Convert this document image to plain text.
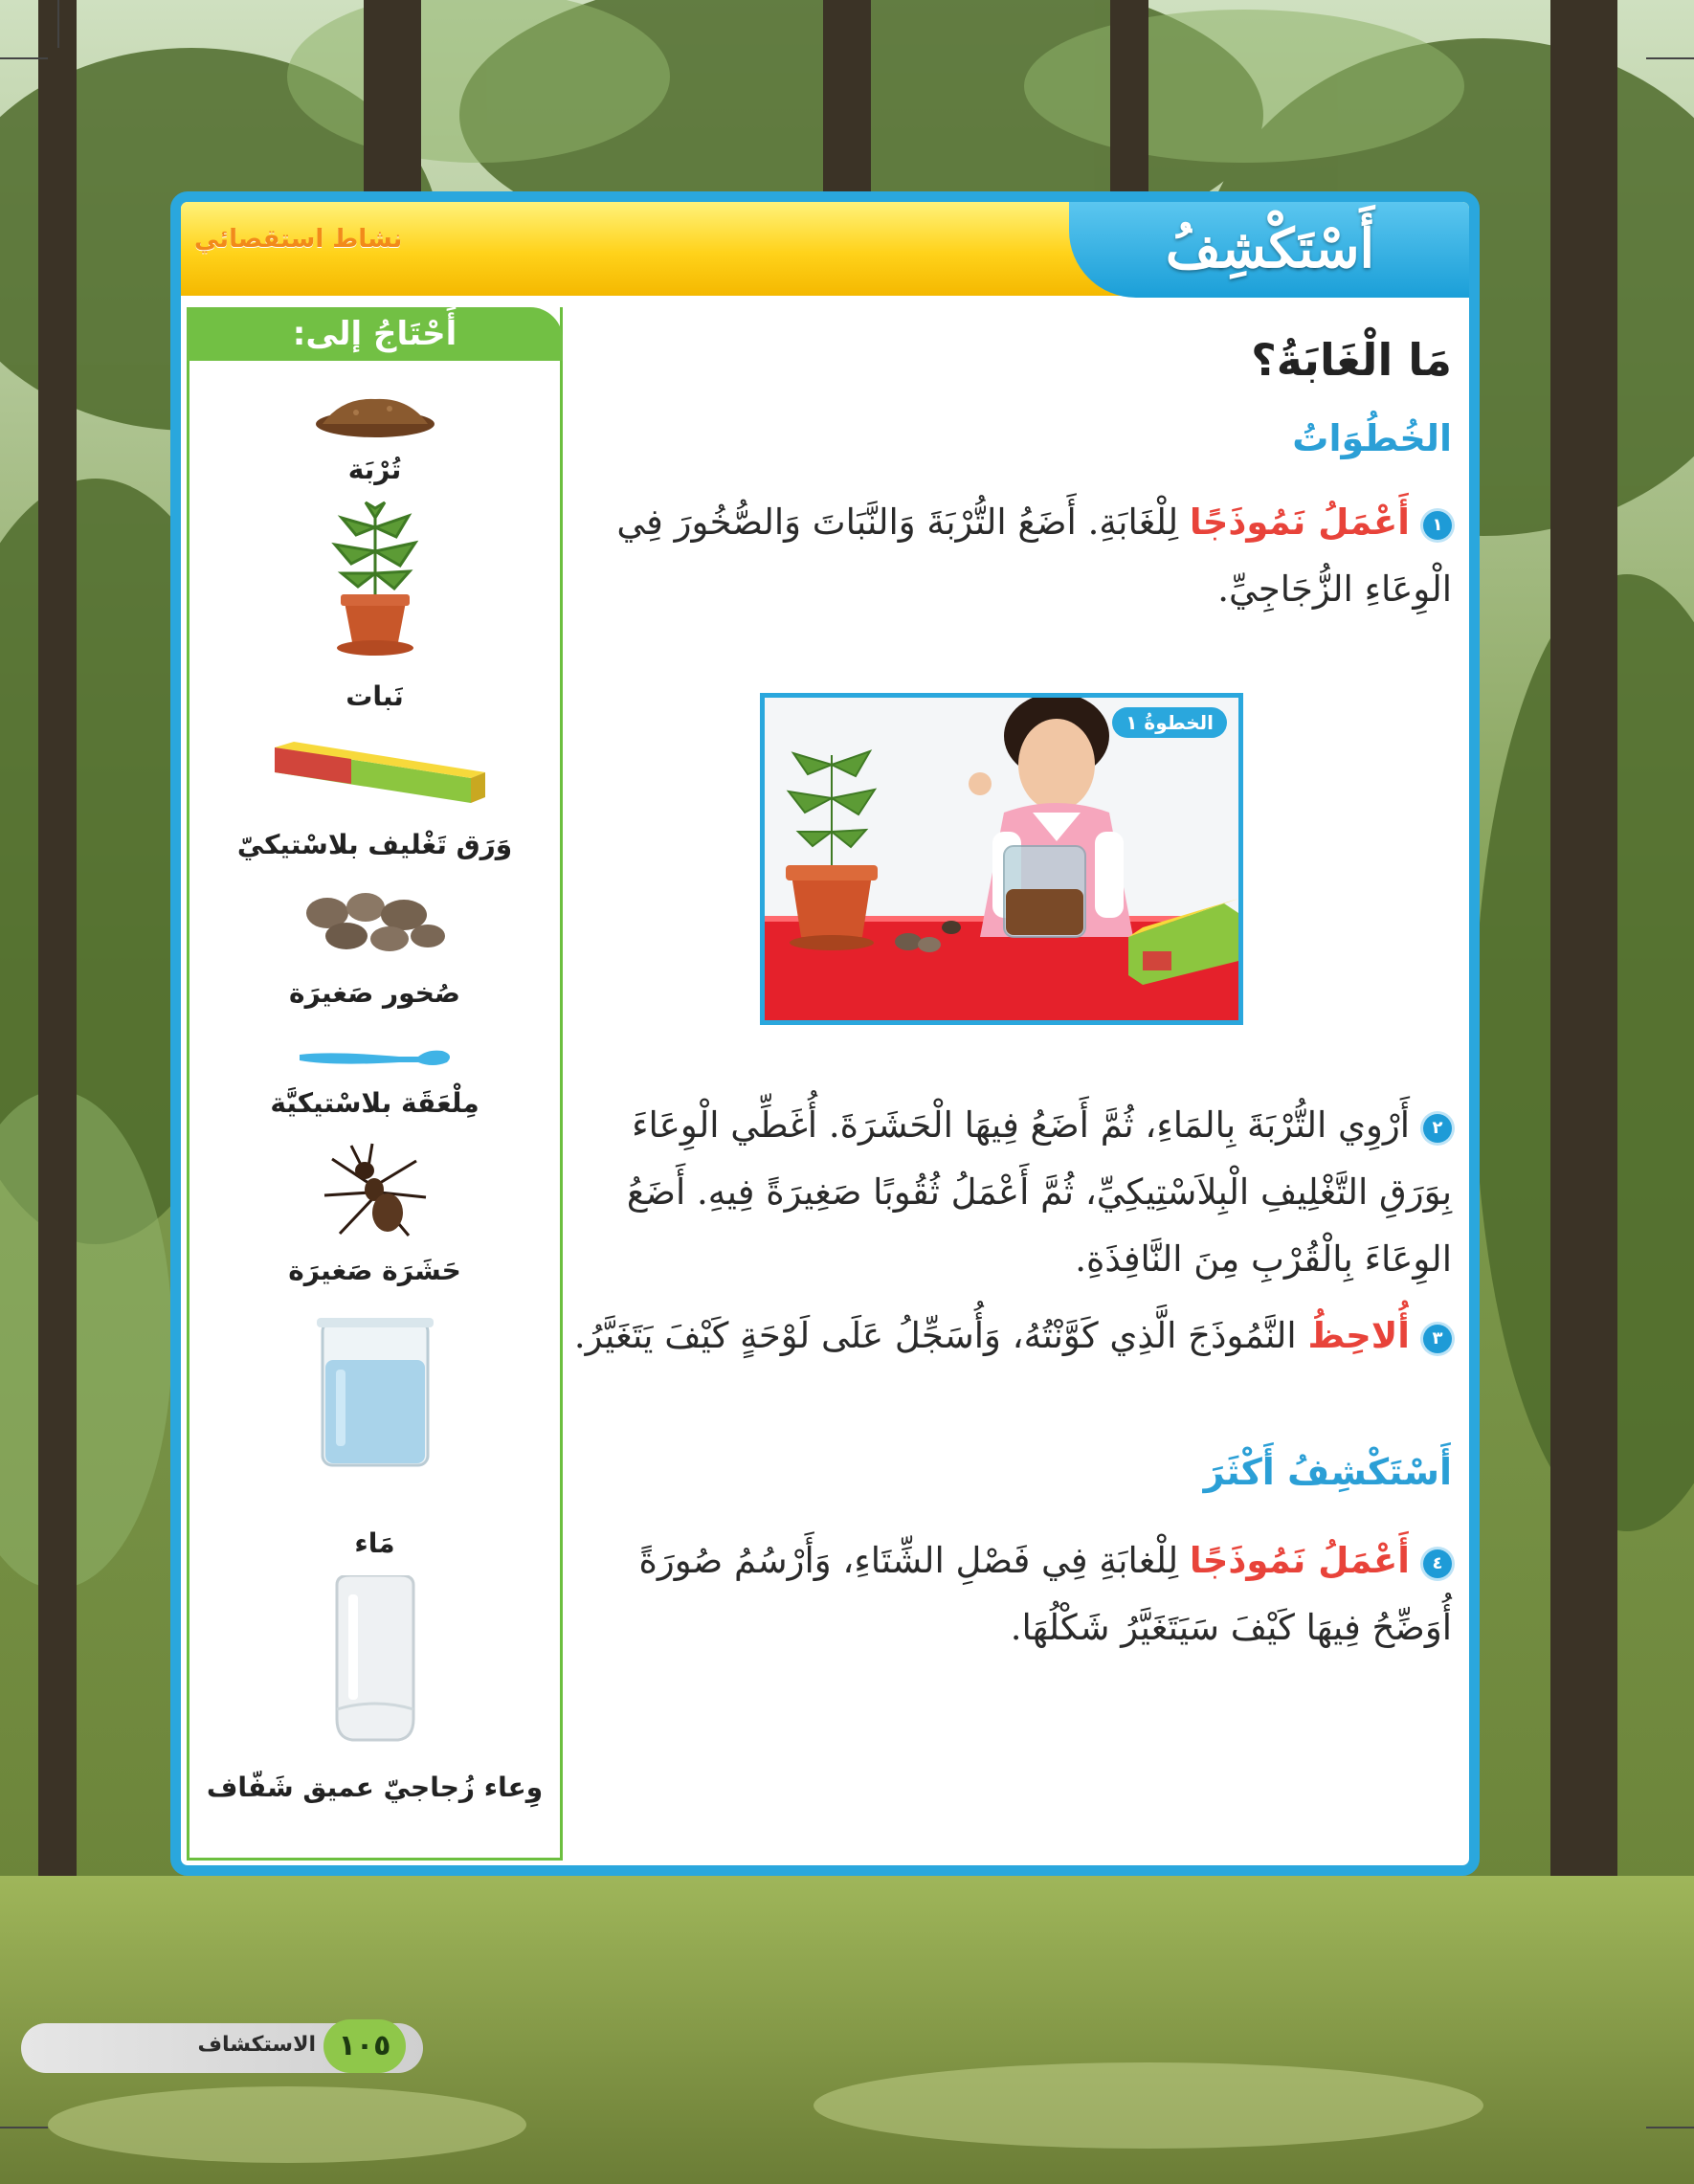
نشاط استقصائي	أَسْتَكْشِفُ
أَحْتَاجُ إلى:
تُرْبَة
نَبات
وَرَق تَغْليف بلاسْتيكيّ
صُخور صَغيرَة
مِلْعَقَة بلاسْتيكيَّة
حَشَرَة صَغيرَة
مَاء
وِعاء زُجاجيّ عميق شَفّاف
مَا الْغَابَةُ؟
الخُطُوَاتُ
١أَعْمَلُ نَمُوذَجًا لِلْغَابَةِ. أَضَعُ التُّرْبَةَ وَالنَّبَاتَ وَالصُّخُورَ فِي الْوِعَاءِ الزُّجَاجِيِّ.
٢أَرْوِي التُّرْبَةَ بِالمَاءِ، ثُمَّ أَضَعُ فِيهَا الْحَشَرَةَ. أُغَطِّي الْوِعَاءَ بِوَرَقِ التَّغْلِيفِ الْبِلاَسْتِيكِيِّ، ثُمَّ أَعْمَلُ ثُقُوبًا صَغِيرَةً فِيهِ. أَضَعُ الوِعَاءَ بِالْقُرْبِ مِنَ النَّافِذَةِ.
٣أُلاحِظُ النَّمُوذَجَ الَّذِي كَوَّنْتُهُ، وَأُسَجِّلُ عَلَى لَوْحَةٍ كَيْفَ يَتَغَيَّرُ.
أَسْتَكْشِفُ أَكْثَرَ
٤أَعْمَلُ نَمُوذَجًا لِلْغابَةِ فِي فَصْلِ الشِّتَاءِ، وَأَرْسُمُ صُورَةً أُوَضِّحُ فِيهَا كَيْفَ سَيَتَغَيَّرُ شَكْلُهَا.
الخطوةُ ١
الاستكشاف ١٠٥
